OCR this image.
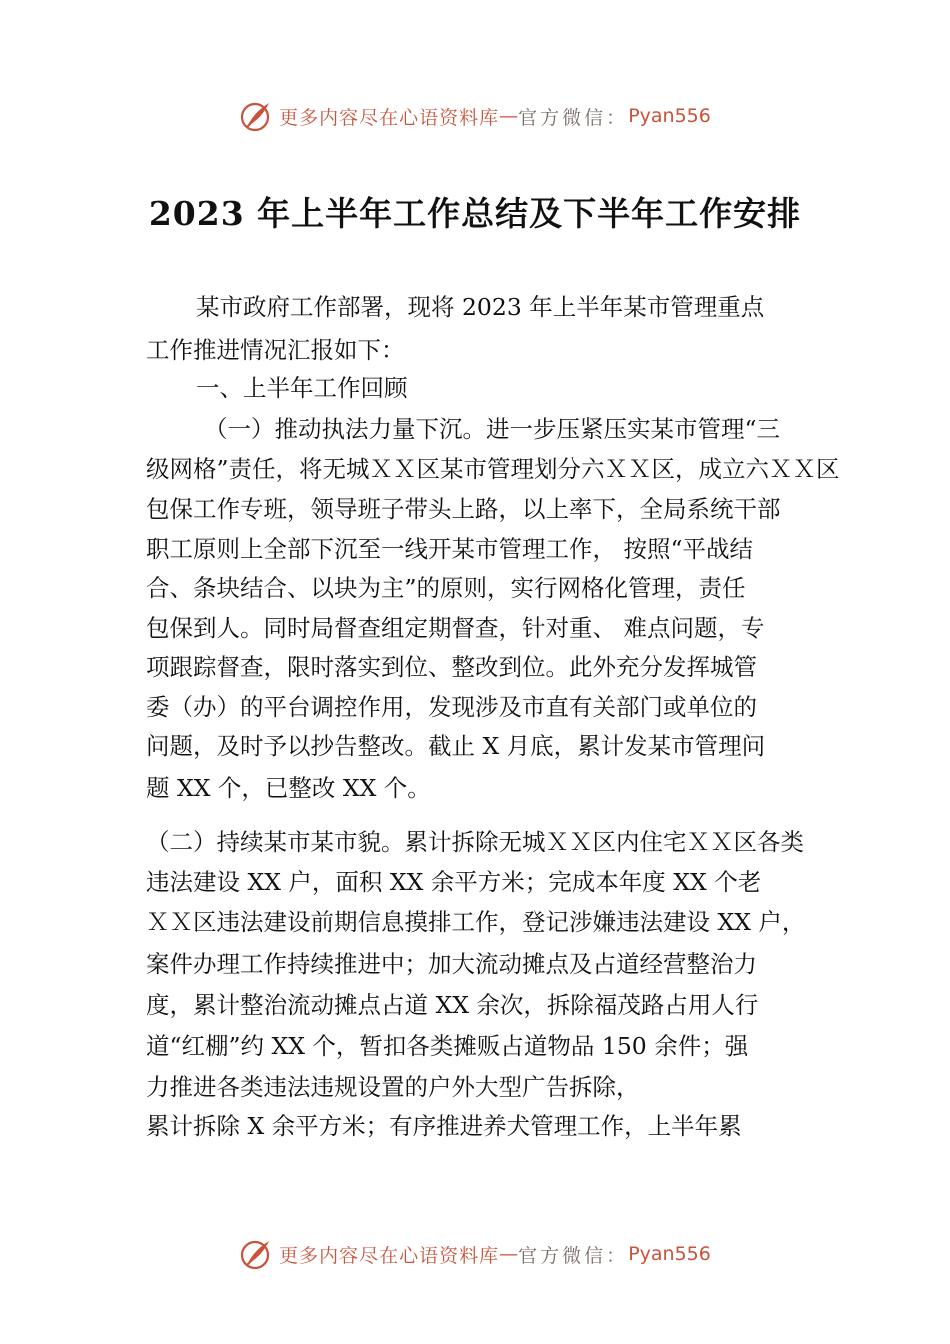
更多内容尽在心语资料库 — 官方微信： Pyan556
2023 年上半年工作总结及下半年工作安排
某市政府工作部署，现将 2023 年上半年某市管理重点
工作推进情况汇报如下：
一、上半年工作回顾
（一）推动执法力量下沉。进一步压紧压实某市管理“三
级网格”责任，将无城ＸＸ区某市管理划分六ＸＸ区，成立六ＸＸ区
包保工作专班，领导班子带头上路，以上率下，全局系统干部
职工原则上全部下沉至一线开某市管理工作， 按照“平战结
合、条块结合、以块为主”的原则，实行网格化管理，责任
包保到人。同时局督查组定期督查，针对重、 难点问题，专
项跟踪督查，限时落实到位、整改到位。此外充分发挥城管
委（办）的平台调控作用，发现涉及市直有关部门或单位的
问题，及时予以抄告整改。截止 X 月底，累计发某市管理问
题 XX 个，已整改 XX 个。
（二）持续某市某市貌。累计拆除无城ＸＸ区内住宅ＸＸ区各类
违法建设 XX 户，面积 XX 余平方米；完成本年度 XX 个老
ＸＸ区违法建设前期信息摸排工作，登记涉嫌违法建设 XX 户，
案件办理工作持续推进中；加大流动摊点及占道经营整治力
度，累计整治流动摊点占道 XX 余次，拆除福茂路占用人行
道“红棚”约 XX 个，暂扣各类摊贩占道物品 150 余件；强
力推进各类违法违规设置的户外大型广告拆除，
累计拆除 X 余平方米；有序推进养犬管理工作，上半年累
更多内容尽在心语资料库 — 官方微信： Pyan556
